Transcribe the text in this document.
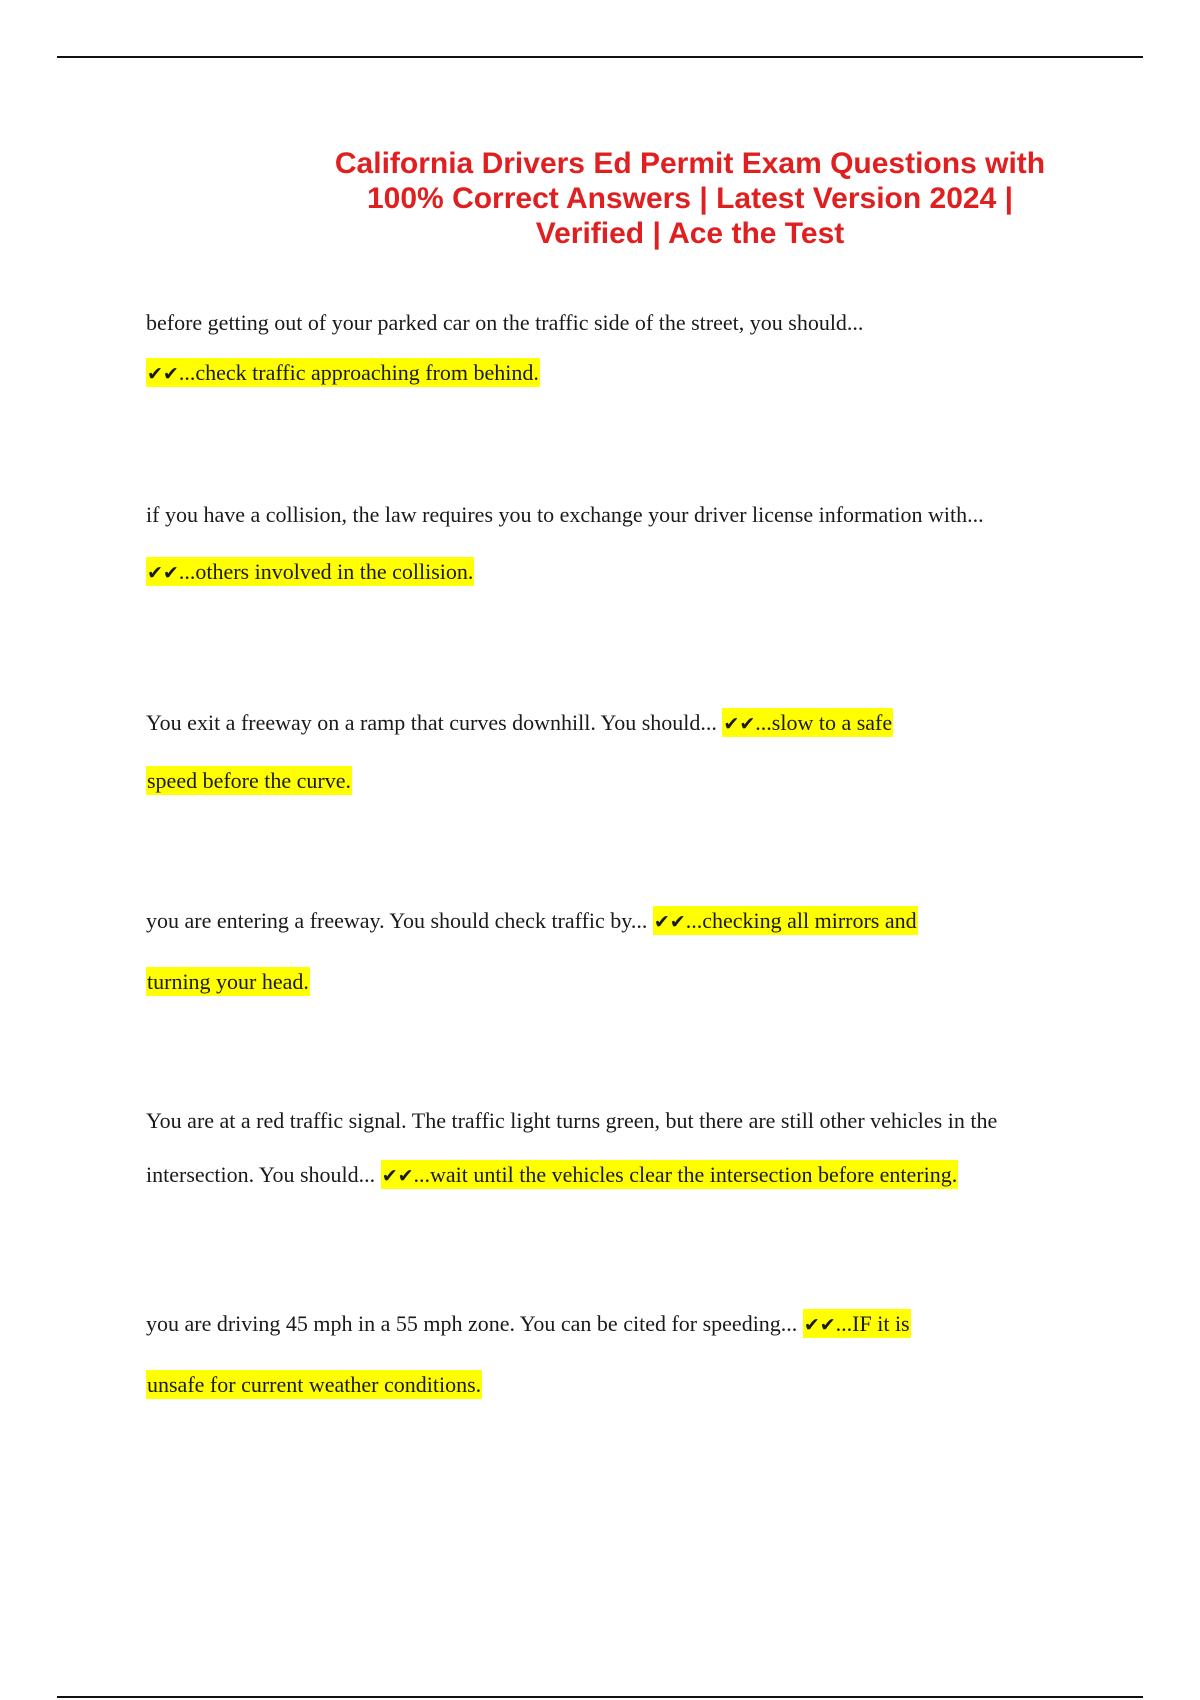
California Drivers Ed Permit Exam Questions with
100% Correct Answers | Latest Version 2024 |
Verified | Ace the Test
before getting out of your parked car on the traffic side of the street, you should...
✔✔...check traffic approaching from behind.
if you have a collision, the law requires you to exchange your driver license information with...
✔✔...others involved in the collision.
You exit a freeway on a ramp that curves downhill. You should... ✔✔...slow to a safe
speed before the curve.
you are entering a freeway. You should check traffic by... ✔✔...checking all mirrors and
turning your head.
You are at a red traffic signal. The traffic light turns green, but there are still other vehicles in the
intersection. You should... ✔✔...wait until the vehicles clear the intersection before entering.
you are driving 45 mph in a 55 mph zone. You can be cited for speeding... ✔✔...IF it is
unsafe for current weather conditions.
